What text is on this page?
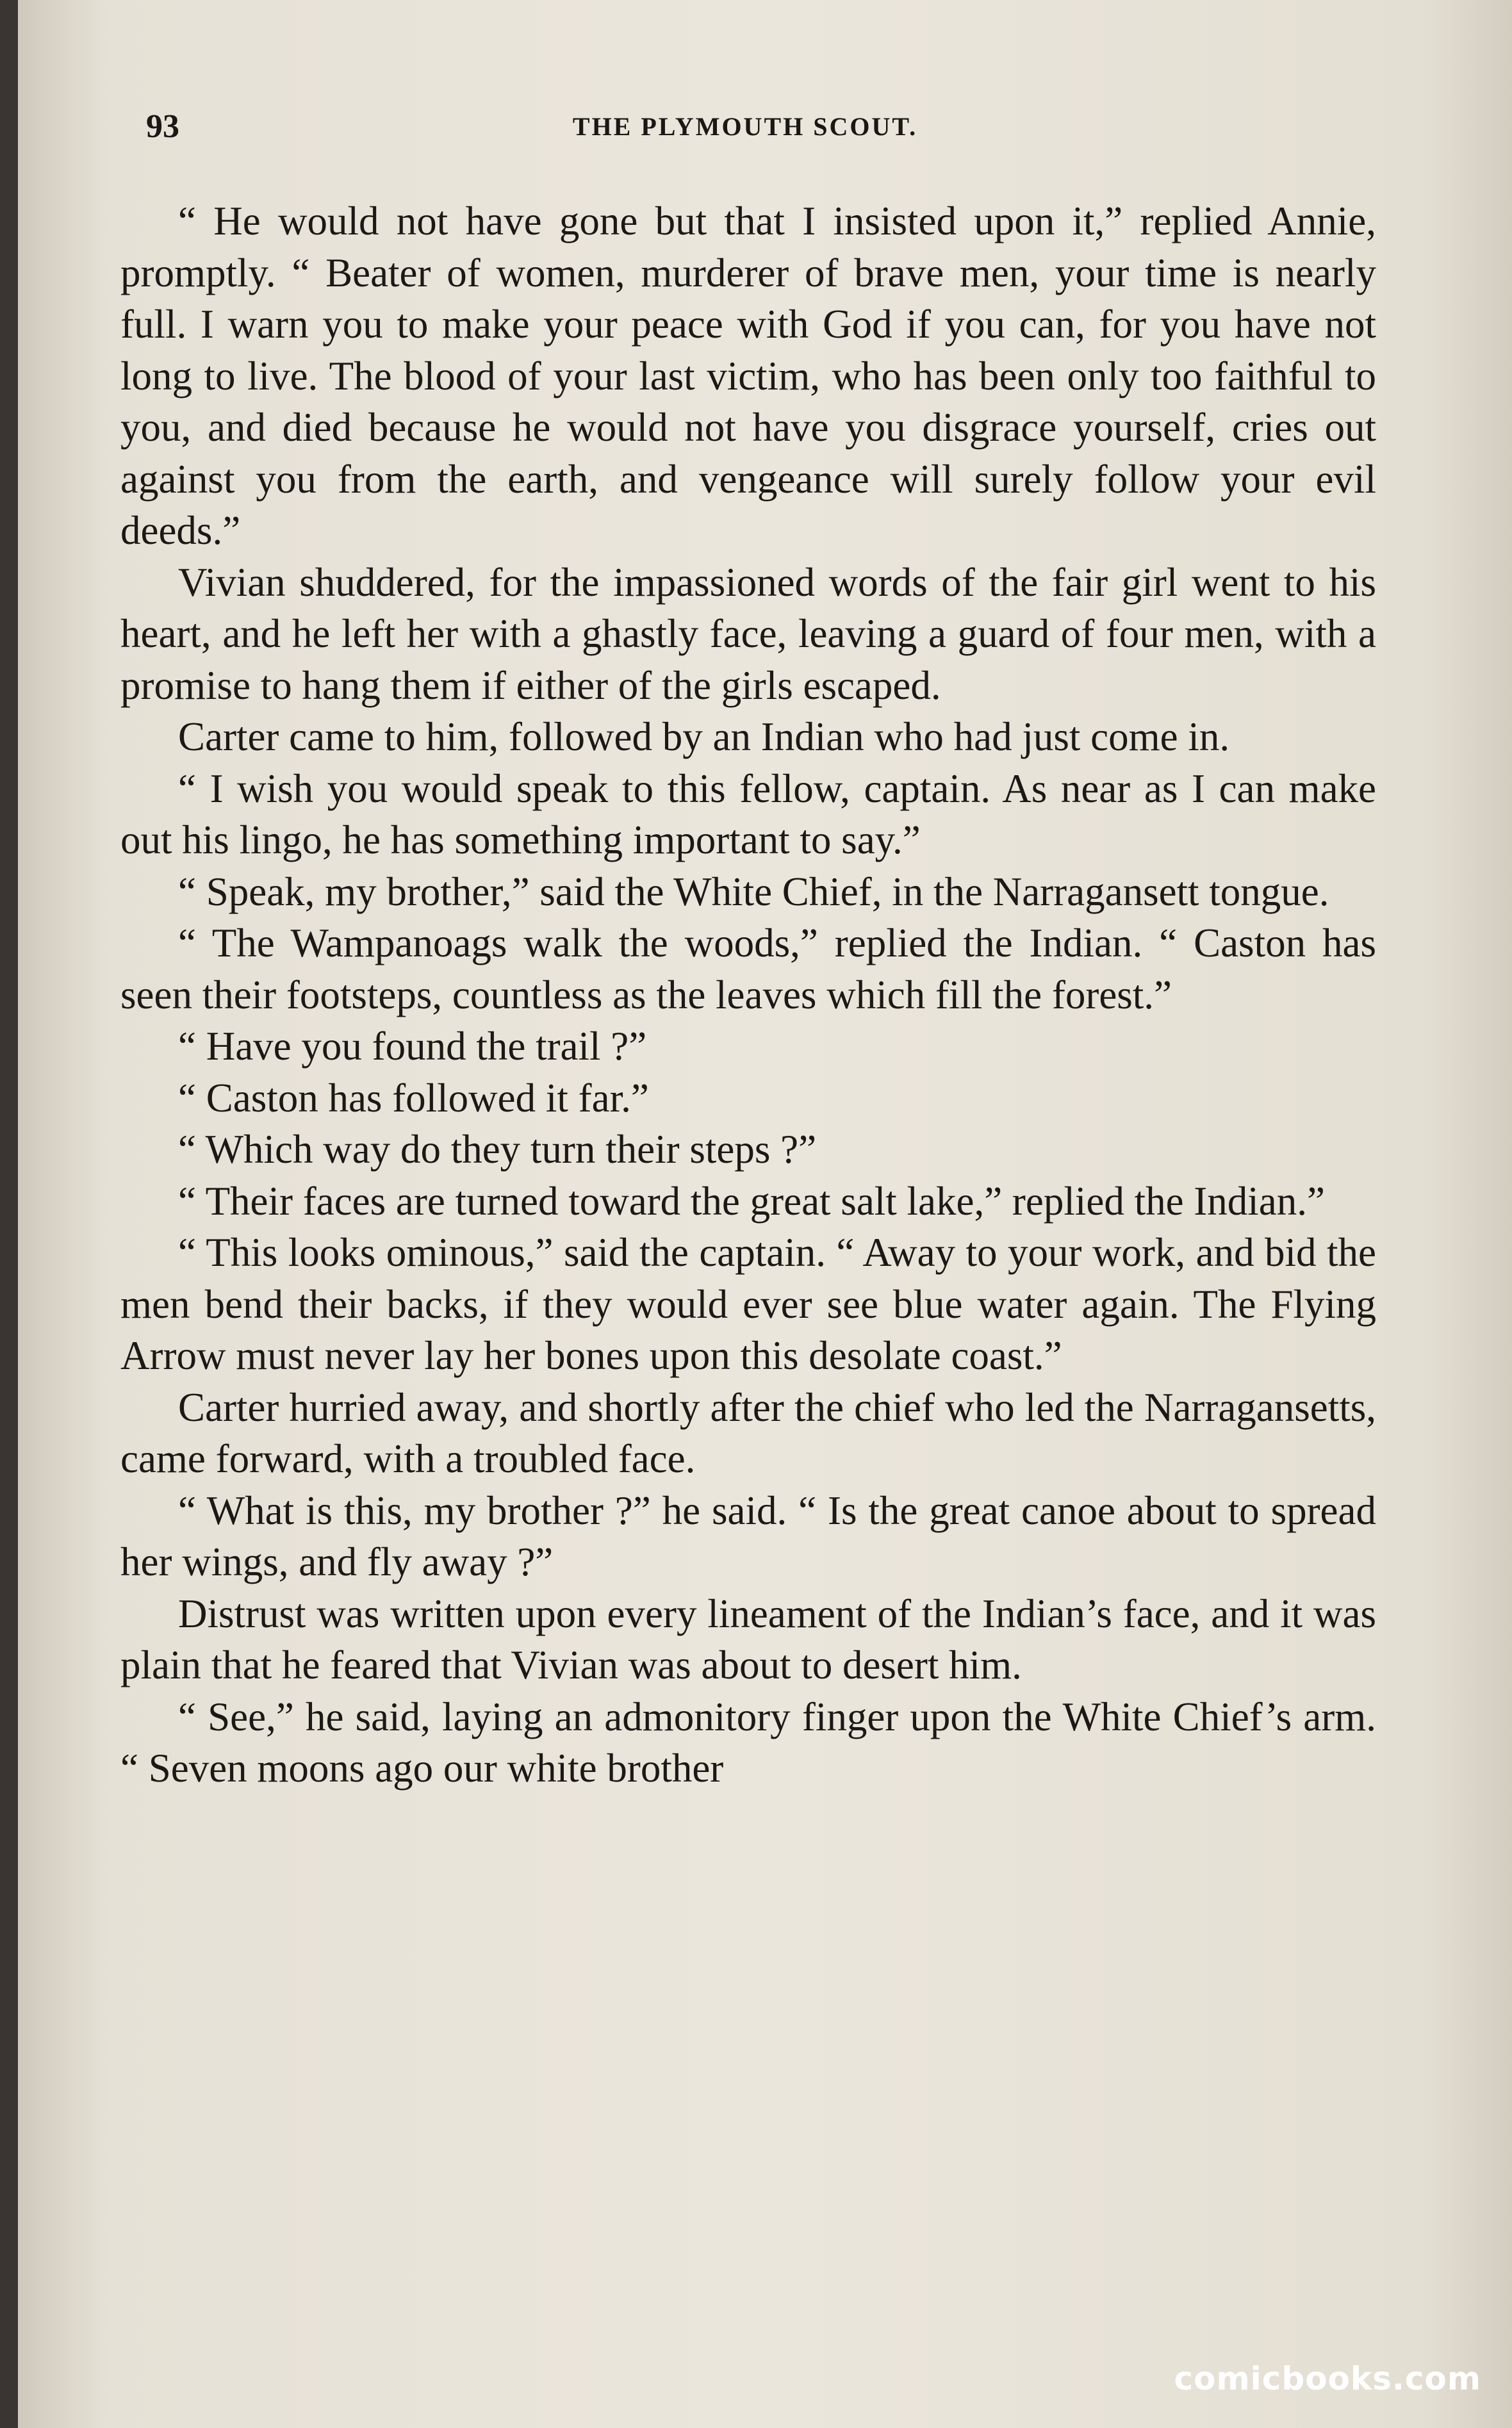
93	THE PLYMOUTH SCOUT.

“ He would not have gone but that I insisted upon it,” replied Annie, promptly. “ Beater of women, murderer of brave men, your time is nearly full. I warn you to make your peace with God if you can, for you have not long to live. The blood of your last victim, who has been only too faithful to you, and died because he would not have you disgrace yourself, cries out against you from the earth, and vengeance will surely follow your evil deeds.”

Vivian shuddered, for the impassioned words of the fair girl went to his heart, and he left her with a ghastly face, leaving a guard of four men, with a promise to hang them if either of the girls escaped.

Carter came to him, followed by an Indian who had just come in.

“ I wish you would speak to this fellow, captain. As near as I can make out his lingo, he has something important to say.”

“ Speak, my brother,” said the White Chief, in the Narragansett tongue.

“ The Wampanoags walk the woods,” replied the Indian. “ Caston has seen their footsteps, countless as the leaves which fill the forest.”

“ Have you found the trail ?”

“ Caston has followed it far.”

“ Which way do they turn their steps ?”

“ Their faces are turned toward the great salt lake,” replied the Indian.”

“ This looks ominous,” said the captain. “ Away to your work, and bid the men bend their backs, if they would ever see blue water again. The Flying Arrow must never lay her bones upon this desolate coast.”

Carter hurried away, and shortly after the chief who led the Narragansetts, came forward, with a troubled face.

“ What is this, my brother ?” he said. “ Is the great canoe about to spread her wings, and fly away ?”

Distrust was written upon every lineament of the Indian’s face, and it was plain that he feared that Vivian was about to desert him.

“ See,” he said, laying an admonitory finger upon the White Chief’s arm. “ Seven moons ago our white brother

comicbooks.com
